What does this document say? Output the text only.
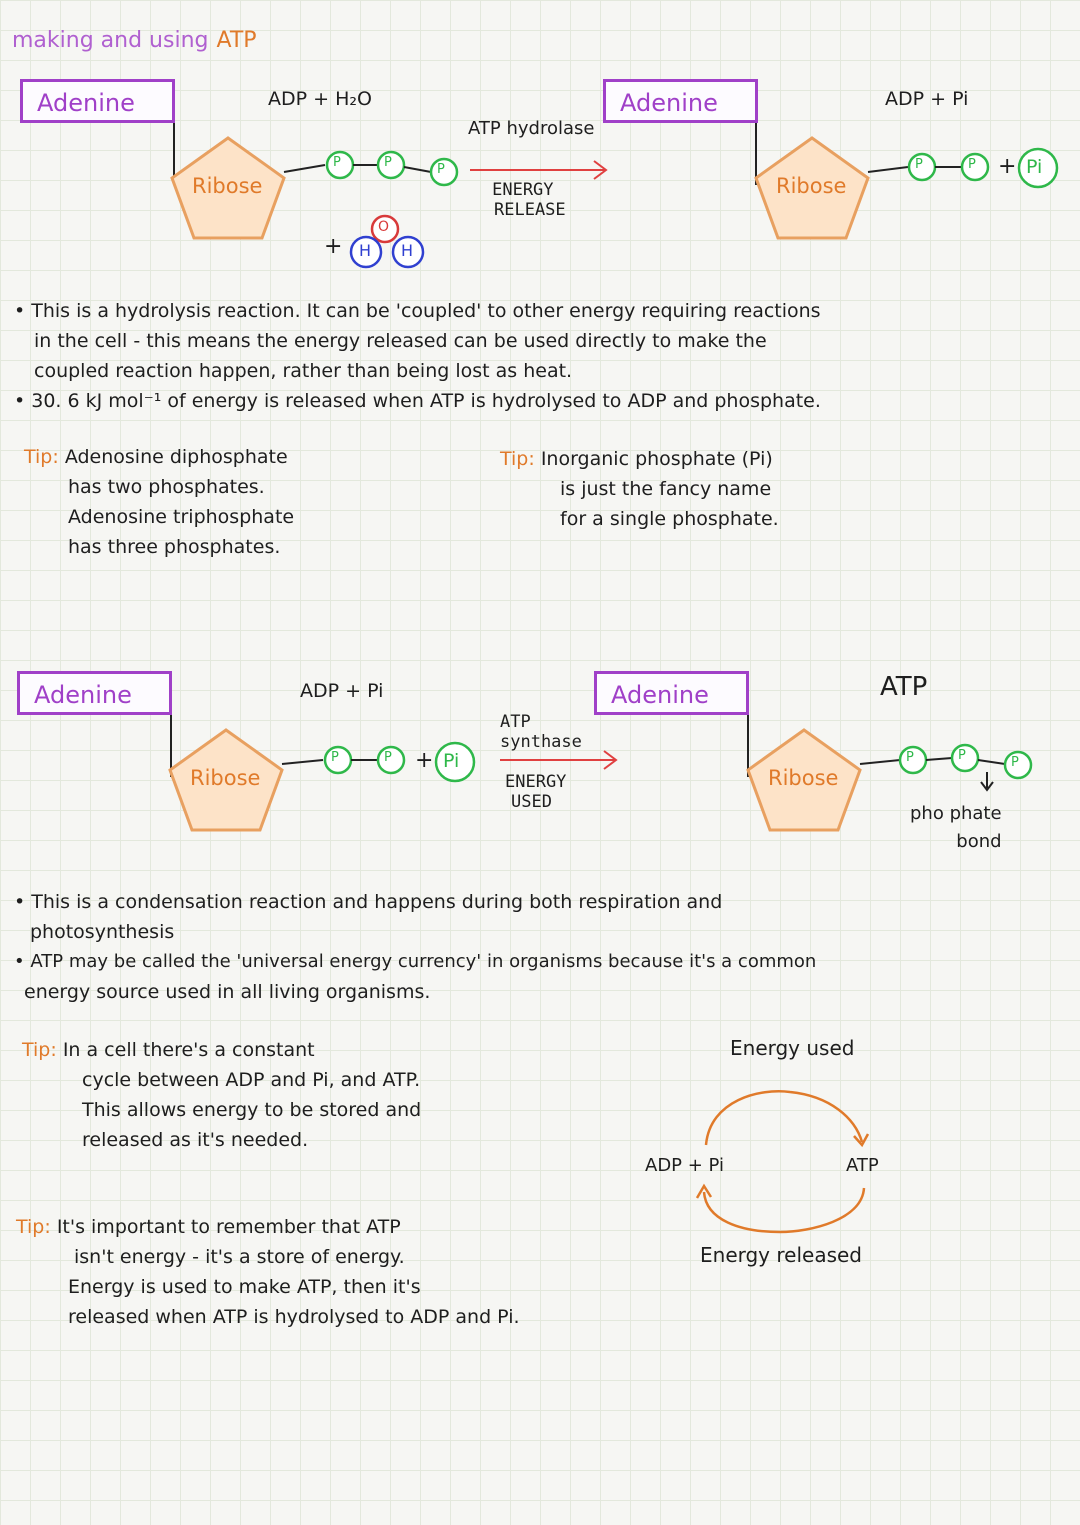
making and using ATP
Adenine	ADP + H₂O
Ribose
P	P	P
+
O
H H
ATP hydrolase
ENERGY
RELEASE
Adenine	ADP + Pi
Ribose
P	P + Pi
• This is a hydrolysis reaction. It can be 'coupled' to other energy requiring reactions
in the cell - this means the energy released can be used directly to make the
coupled reaction happen, rather than being lost as heat.
• 30. 6 kJ mol⁻¹ of energy is released when ATP is hydrolysed to ADP and phosphate.
Tip: Adenosine diphosphate
has two phosphates.
Adenosine triphosphate
has three phosphates.
Tip: Inorganic phosphate (Pi)
is just the fancy name
for a single phosphate.
Adenine	ADP + Pi
Ribose
P	P + Pi
ATP
synthase
ENERGY
USED
Adenine	ATP
Ribose
P	P	P
pho phate
bond
• This is a condensation reaction and happens during both respiration and
photosynthesis
• ATP may be called the 'universal energy currency' in organisms because it's a common
energy source used in all living organisms.
Tip: In a cell there's a constant
cycle between ADP and Pi, and ATP.
This allows energy to be stored and
released as it's needed.
Tip: It's important to remember that ATP
isn't energy - it's a store of energy.
Energy is used to make ATP, then it's
released when ATP is hydrolysed to ADP and Pi.
Energy used
ADP + Pi	ATP
Energy released
